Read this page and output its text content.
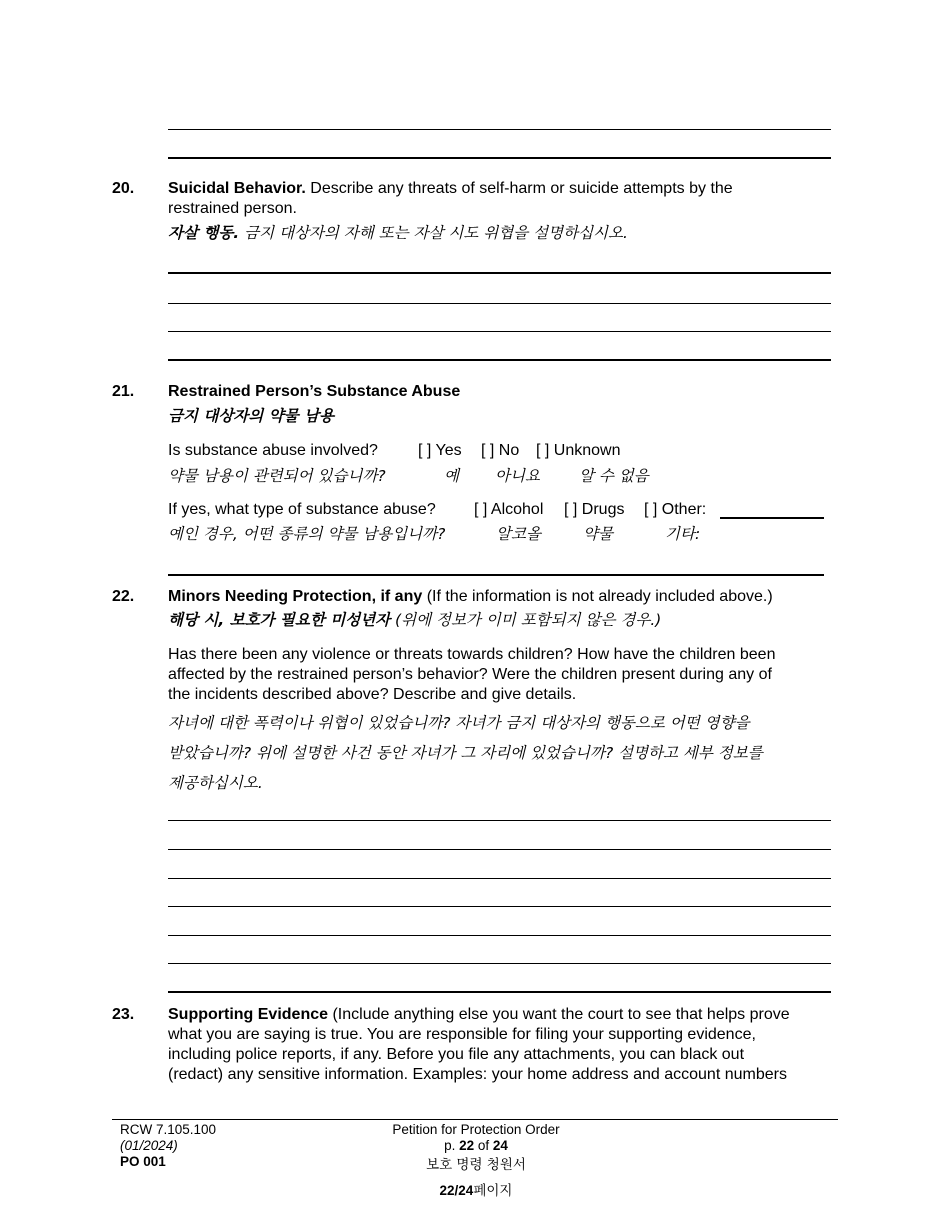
20. Suicidal Behavior. Describe any threats of self-harm or suicide attempts by the
restrained person.
자살 행동. 금지 대상자의 자해 또는 자살 시도 위협을 설명하십시오.
21. Restrained Person’s Substance Abuse
금지 대상자의 약물 남용
Is substance abuse involved?	[ ] Yes [ ] No [ ] Unknown
약물 남용이 관련되어 있습니까?	예 아니요	알 수 없음
If yes, what type of substance abuse? [ ] Alcohol [ ] Drugs [ ] Other:
예인 경우, 어떤 종류의 약물 남용입니까?	알코올	약물	기타:
22. Minors Needing Protection, if any (If the information is not already included above.)
해당 시, 보호가 필요한 미성년자 (위에 정보가 이미 포함되지 않은 경우.)
Has there been any violence or threats towards children? How have the children been
affected by the restrained person’s behavior? Were the children present during any of
the incidents described above? Describe and give details.
자녀에 대한 폭력이나 위협이 있었습니까? 자녀가 금지 대상자의 행동으로 어떤 영향을
받았습니까? 위에 설명한 사건 동안 자녀가 그 자리에 있었습니까? 설명하고 세부 정보를
제공하십시오.
23. Supporting Evidence (Include anything else you want the court to see that helps prove
what you are saying is true. You are responsible for filing your supporting evidence,
including police reports, if any. Before you file any attachments, you can black out
(redact) any sensitive information. Examples: your home address and account numbers
RCW 7.105.100
(01/2024)
PO 001
Petition for Protection Order
p. 22 of 24
보호 명령 청원서
22/24페이지
